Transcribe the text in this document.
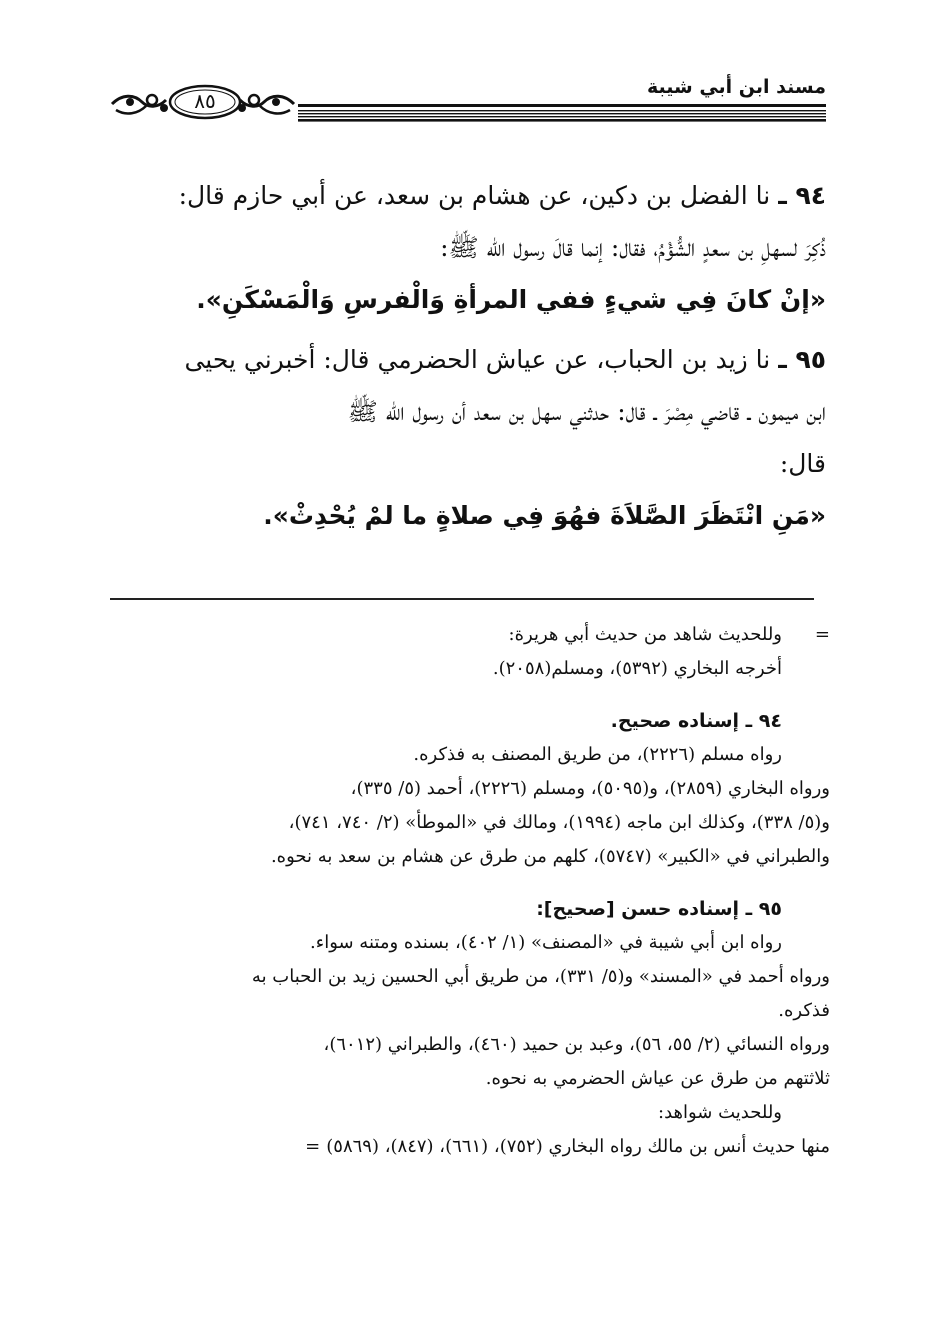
مسند ابن أبي شيبة
٨٥

٩٤ ـ نا الفضل بن دكين، عن هشام بن سعد، عن أبي حازم قال:

ذُكِرَ لسهلِ بن سعدٍ الشُّؤْمُ، فقال: إنما قالَ رسول الله ﷺ:

«إنْ كانَ فِي شيءٍ ففي المرأةِ وَالْفرسِ وَالْمَسْكَنِ».

٩٥ ـ نا زيد بن الحباب، عن عياش الحضرمي قال: أخبرني يحيى

ابن ميمون ـ قاضي مِصْرَ ـ قال: حدثني سهل بن سعد أن رسول الله ﷺ

قال:

«مَنِ انْتَظَرَ الصَّلاَةَ فهُوَ فِي صلاةٍ ما لمْ يُحْدِثْ».

=

وللحديث شاهد من حديث أبي هريرة:

أخرجه البخاري (٥٣٩٢)، ومسلم(٢٠٥٨).

٩٤ ـ إسناده صحيح.

رواه مسلم (٢٢٢٦)، من طريق المصنف به فذكره.

ورواه البخاري (٢٨٥٩)، و(٥٠٩٥)، ومسلم (٢٢٢٦)، أحمد (٥/ ٣٣٥)،

و(٥/ ٣٣٨)، وكذلك ابن ماجه (١٩٩٤)، ومالك في «الموطأ» (٢/ ٧٤٠، ٧٤١)،

والطبراني في «الكبير» (٥٧٤٧)، كلهم من طرق عن هشام بن سعد به نحوه.

٩٥ ـ إسناده حسن [صحيح]:

رواه ابن أبي شيبة في «المصنف» (١/ ٤٠٢)، بسنده ومتنه سواء.

ورواه أحمد في «المسند» و(٥/ ٣٣١)، من طريق أبي الحسين زيد بن الحباب به

فذكره.

ورواه النسائي (٢/ ٥٥، ٥٦)، وعبد بن حميد (٤٦٠)، والطبراني (٦٠١٢)،

ثلاثتهم من طرق عن عياش الحضرمي به نحوه.

وللحديث شواهد:

منها حديث أنس بن مالك رواه البخاري (٧٥٢)، (٦٦١)، (٨٤٧)، (٥٨٦٩)=
